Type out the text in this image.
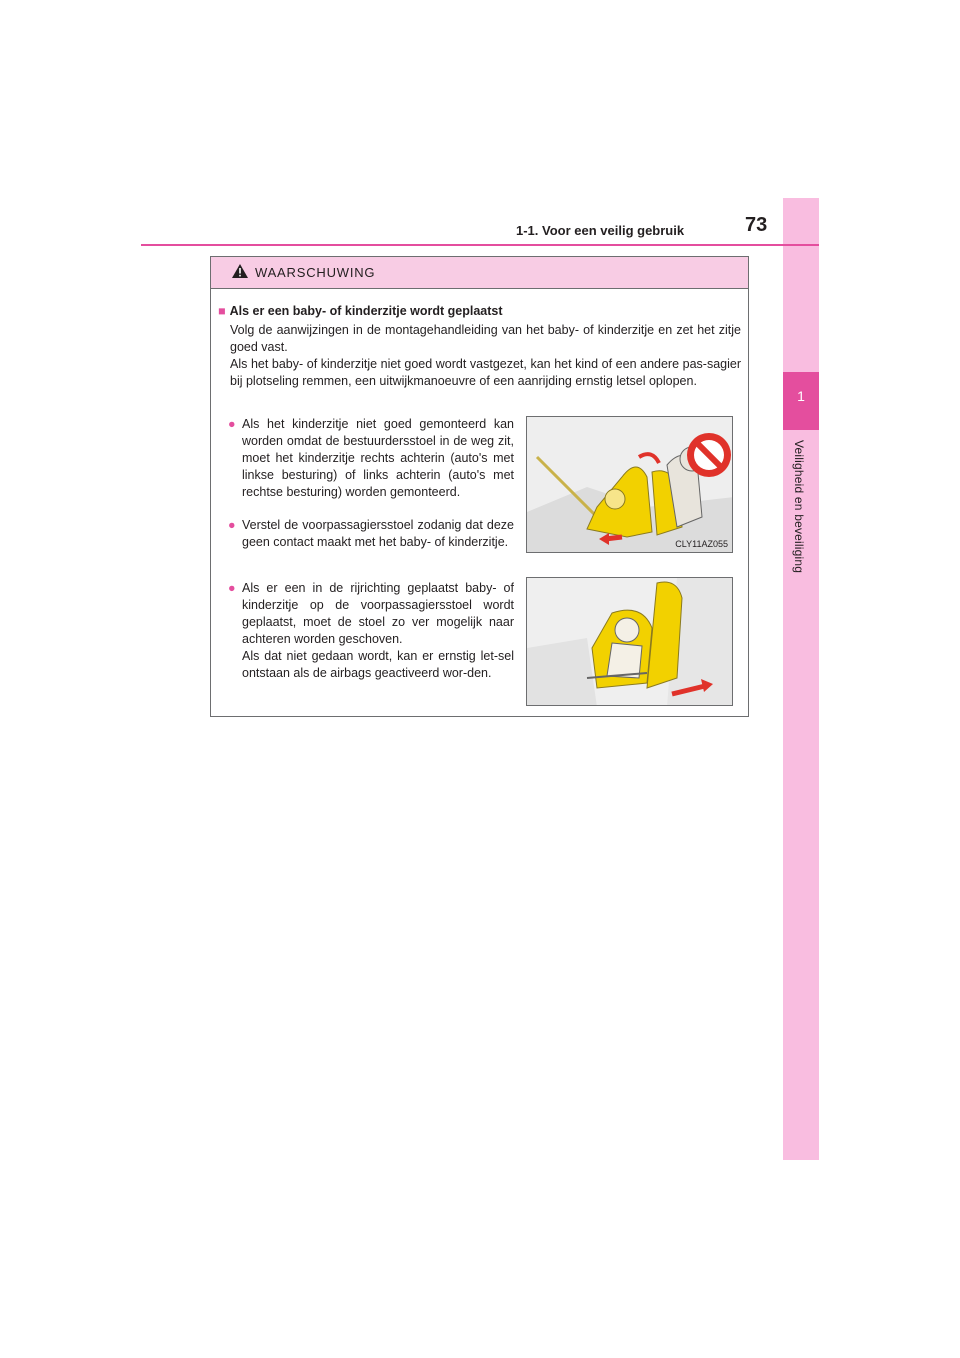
1
Veiligheid en beveiliging
1-1. Voor een veilig gebruik	73
WAARSCHUWING
■ Als er een baby- of kinderzitje wordt geplaatst

Volg de aanwijzingen in de montagehandleiding van het baby- of kinderzitje en zet het zitje goed vast.

Als het baby- of kinderzitje niet goed wordt vastgezet, kan het kind of een andere pas-sagier bij plotseling remmen, een uitwijkmanoeuvre of een aanrijding ernstig letsel oplopen.

● Als het kinderzitje niet goed gemonteerd kan worden omdat de bestuurdersstoel in de weg zit, moet het kinderzitje rechts achterin (auto's met linkse besturing) of links achterin (auto's met rechtse besturing) worden gemonteerd.
● Verstel de voorpassagiersstoel zodanig dat deze geen contact maakt met het baby- of kinderzitje.
● Als er een in de rijrichting geplaatst baby- of kinderzitje op de voorpassagiersstoel wordt geplaatst, moet de stoel zo ver mogelijk naar achteren worden geschoven.
Als dat niet gedaan wordt, kan er ernstig let-sel ontstaan als de airbags geactiveerd wor-den.
CLY11AZ055
